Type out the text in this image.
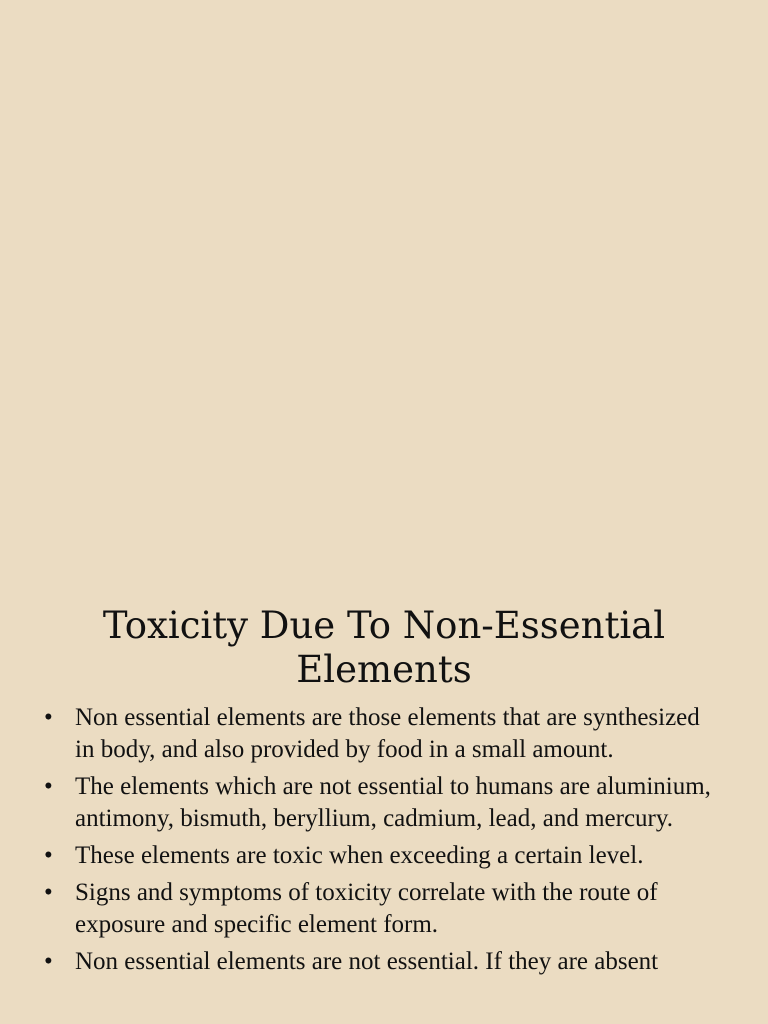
Toxicity Due To Non-Essential Elements
• Non essential elements are those elements that are synthesized in body, and also provided by food in a small amount.
• The elements which are not essential to humans are aluminium, antimony, bismuth, beryllium, cadmium, lead, and mercury.
• These elements are toxic when exceeding a certain level.
• Signs and symptoms of toxicity correlate with the route of exposure and specific element form.
• Non essential elements are not essential. If they are absent
